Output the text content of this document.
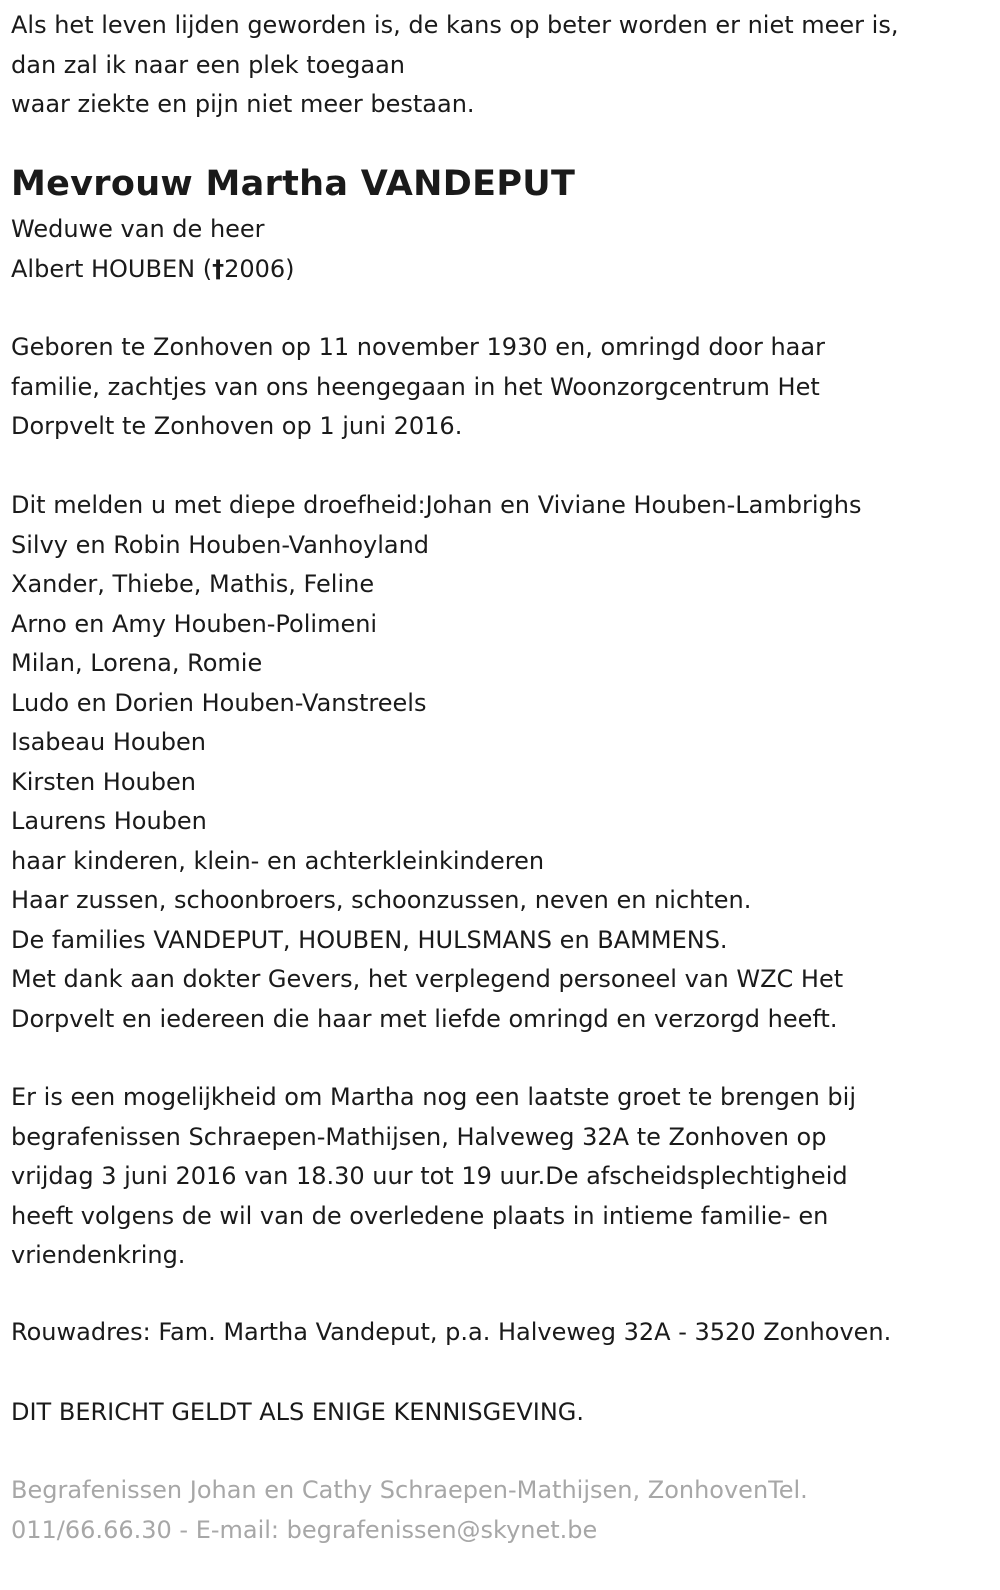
Als het leven lijden geworden is, de kans op beter worden er niet meer is,
dan zal ik naar een plek toegaan
waar ziekte en pijn niet meer bestaan.
Mevrouw Martha VANDEPUT
Weduwe van de heer
Albert HOUBEN (†2006)
Geboren te Zonhoven op 11 november 1930 en, omringd door haar
familie, zachtjes van ons heengegaan in het Woonzorgcentrum Het
Dorpvelt te Zonhoven op 1 juni 2016.
Dit melden u met diepe droefheid:Johan en Viviane Houben-Lambrighs
Silvy en Robin Houben-Vanhoyland
Xander, Thiebe, Mathis, Feline
Arno en Amy Houben-Polimeni
Milan, Lorena, Romie
Ludo en Dorien Houben-Vanstreels
Isabeau Houben
Kirsten Houben
Laurens Houben
haar kinderen, klein- en achterkleinkinderen
Haar zussen, schoonbroers, schoonzussen, neven en nichten.
De families VANDEPUT, HOUBEN, HULSMANS en BAMMENS.
Met dank aan dokter Gevers, het verplegend personeel van WZC Het
Dorpvelt en iedereen die haar met liefde omringd en verzorgd heeft.
Er is een mogelijkheid om Martha nog een laatste groet te brengen bij
begrafenissen Schraepen-Mathijsen, Halveweg 32A te Zonhoven op
vrijdag 3 juni 2016 van 18.30 uur tot 19 uur.De afscheidsplechtigheid
heeft volgens de wil van de overledene plaats in intieme familie- en
vriendenkring.
Rouwadres: Fam. Martha Vandeput, p.a. Halveweg 32A - 3520 Zonhoven.
DIT BERICHT GELDT ALS ENIGE KENNISGEVING.
Begrafenissen Johan en Cathy Schraepen-Mathijsen, ZonhovenTel.
011/66.66.30 - E-mail: begrafenissen@skynet.be
